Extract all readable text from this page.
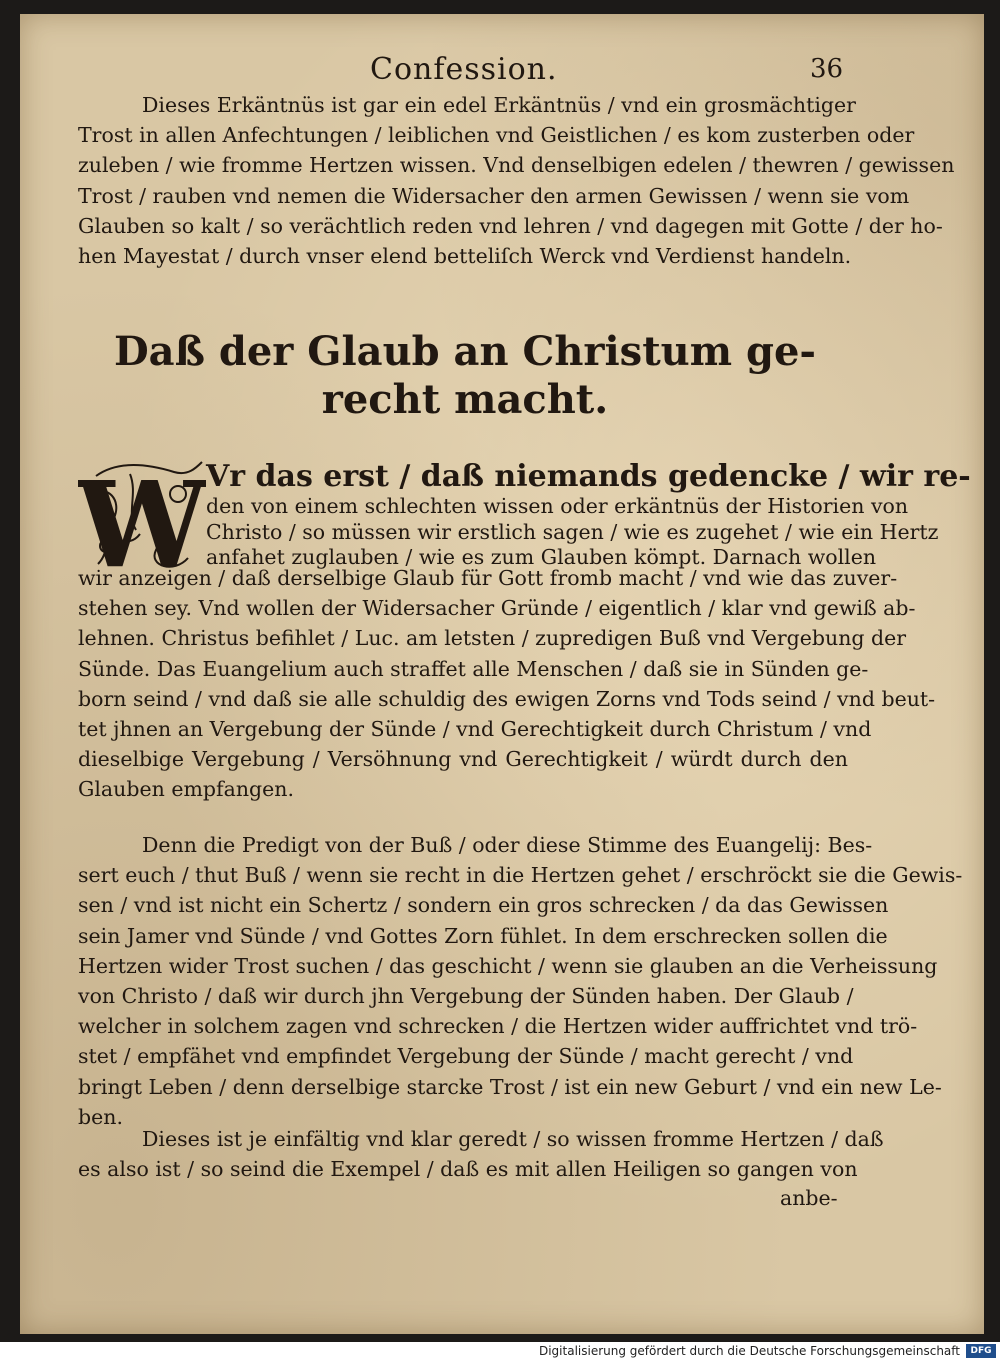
Confession.	36
Dieses Erkäntnüs ist gar ein edel Erkäntnüs / vnd ein grosmächtiger
Trost in allen Anfechtungen / leiblichen vnd Geistlichen / es kom zusterben oder
zuleben / wie fromme Hertzen wissen. Vnd denselbigen edelen / thewren / gewissen
Trost / rauben vnd nemen die Widersacher den armen Gewissen / wenn sie vom
Glauben so kalt / so verächtlich reden vnd lehren / vnd dagegen mit Gotte / der ho-
hen Mayestat / durch vnser elend betteliſch Werck vnd Verdienst handeln.
Daß der Glaub an Christum ge-
recht macht.
W
Vr das erst / daß niemands gedencke / wir re-
den von einem schlechten wissen oder erkäntnüs der Historien von
Christo / so müssen wir erstlich sagen / wie es zugehet / wie ein Hertz
anfahet zuglauben / wie es zum Glauben kömpt. Darnach wollen
wir anzeigen / daß derselbige Glaub für Gott fromb macht / vnd wie das zuver-
stehen sey. Vnd wollen der Widersacher Gründe / eigentlich / klar vnd gewiß ab-
lehnen. Christus befihlet / Luc. am letsten / zupredigen Buß vnd Vergebung der
Sünde. Das Euangelium auch straffet alle Menschen / daß sie in Sünden ge-
born seind / vnd daß sie alle schuldig des ewigen Zorns vnd Tods seind / vnd beut-
tet jhnen an Vergebung der Sünde / vnd Gerechtigkeit durch Christum / vnd
dieselbige Vergebung / Versöhnung vnd Gerechtigkeit / würdt durch den
Glauben empfangen.
Denn die Predigt von der Buß / oder diese Stimme des Euangelij: Bes-
sert euch / thut Buß / wenn sie recht in die Hertzen gehet / erschröckt sie die Gewis-
sen / vnd ist nicht ein Schertz / sondern ein gros schrecken / da das Gewissen
sein Jamer vnd Sünde / vnd Gottes Zorn fühlet. In dem erschrecken sollen die
Hertzen wider Trost suchen / das geschicht / wenn sie glauben an die Verheissung
von Christo / daß wir durch jhn Vergebung der Sünden haben. Der Glaub /
welcher in solchem zagen vnd schrecken / die Hertzen wider auffrichtet vnd trö-
stet / empfähet vnd empfindet Vergebung der Sünde / macht gerecht / vnd
bringt Leben / denn derselbige starcke Trost / ist ein new Geburt / vnd ein new Le-
ben.
Dieses ist je einfältig vnd klar geredt / so wissen fromme Hertzen / daß
es also ist / so seind die Exempel / daß es mit allen Heiligen so gangen von
anbe-
Digitalisierung gefördert durch die Deutsche Forschungsgemeinschaft	DFG
